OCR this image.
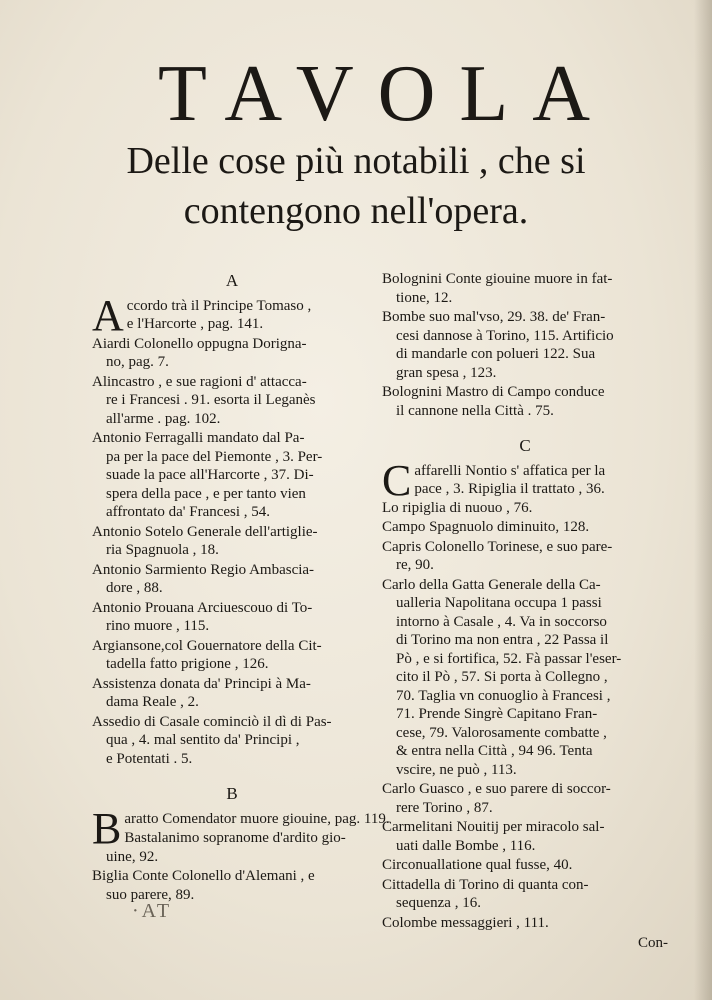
TAVOLA
Delle cose più notabili , che si
contengono nell'opera.
A
A ccordo trà il Principe Tomaso ,
e l'Harcorte , pag. 141.
Aiardi Colonello oppugna Dorigna-
no, pag. 7.
Alincastro , e sue ragioni d' attacca-
re i Francesi . 91. esorta il Leganès
all'arme . pag. 102.
Antonio Ferragalli mandato dal Pa-
pa per la pace del Piemonte , 3. Per-
suade la pace all'Harcorte , 37. Di-
spera della pace , e per tanto vien
affrontato da' Francesi , 54.
Antonio Sotelo Generale dell'artiglie-
ria Spagnuola , 18.
Antonio Sarmiento Regio Ambascia-
dore , 88.
Antonio Prouana Arciuescouo di To-
rino muore , 115.
Argiansone,col Gouernatore della Cit-
tadella fatto prigione , 126.
Assistenza donata da' Principi à Ma-
dama Reale , 2.
Assedio di Casale cominciò il dì di Pas-
qua , 4. mal sentito da' Principi ,
e Potentati . 5.
B
B aratto Comendator muore giouine, pag. 119.
Bastalanimo sopranome d'ardito gio-
uine, 92.
Biglia Conte Colonello d'Alemani , e
suo parere, 89.
Bolognini Conte giouine muore in fat-
tione, 12.
Bombe suo mal'vso, 29. 38. de' Fran-
cesi dannose à Torino, 115. Artificio
di mandarle con polueri 122. Sua
gran spesa , 123.
Bolognini Mastro di Campo conduce
il cannone nella Città . 75.
C
C affarelli Nontio s' affatica per la
pace , 3. Ripiglia il trattato , 36.
Lo ripiglia di nuouo , 76.
Campo Spagnuolo diminuito, 128.
Capris Colonello Torinese, e suo pare-
re, 90.
Carlo della Gatta Generale della Ca-
ualleria Napolitana occupa 1 passi
intorno à Casale , 4. Va in soccorso
di Torino ma non entra , 22 Passa il
Pò , e si fortifica, 52. Fà passar l'eser-
cito il Pò , 57. Si porta à Collegno ,
70. Taglia vn conuoglio à Francesi ,
71. Prende Singrè Capitano Fran-
cese, 79. Valorosamente combatte ,
& entra nella Città , 94 96. Tenta
vscire, ne può , 113.
Carlo Guasco , e suo parere di soccor-
rere Torino , 87.
Carmelitani Nouitij per miracolo sal-
uati dalle Bombe , 116.
Circonuallatione qual fusse, 40.
Cittadella di Torino di quanta con-
sequenza , 16.
Colombe messaggieri , 111.
Con-
·AT
